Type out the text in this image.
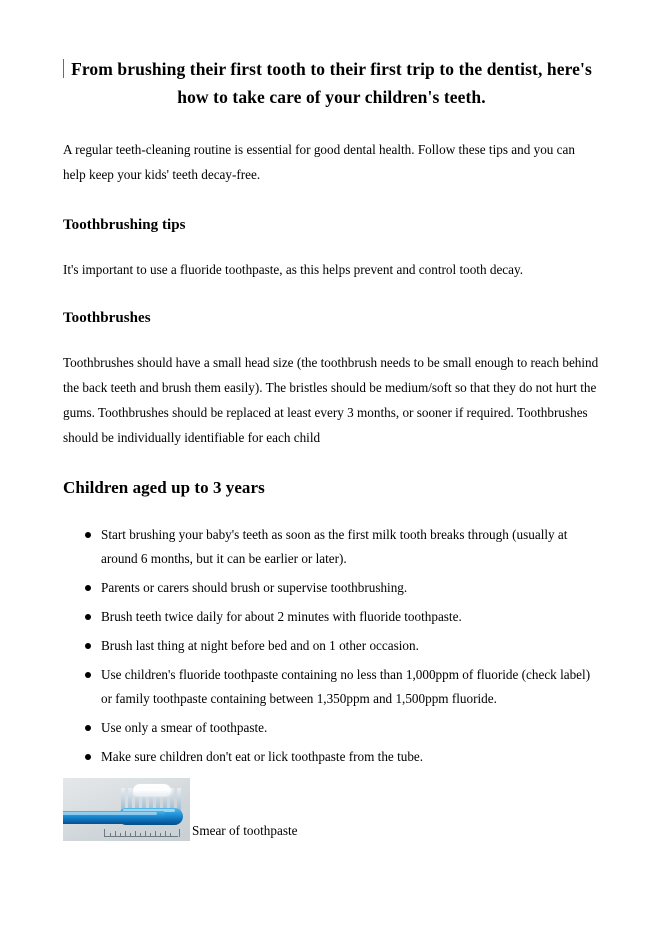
From brushing their first tooth to their first trip to the dentist, here's how to take care of your children's teeth.

A regular teeth-cleaning routine is essential for good dental health. Follow these tips and you can help keep your kids' teeth decay-free.

Toothbrushing tips

It's important to use a fluoride toothpaste, as this helps prevent and control tooth decay.

Toothbrushes

Toothbrushes should have a small head size (the toothbrush needs to be small enough to reach behind the back teeth and brush them easily). The bristles should be medium/soft so that they do not hurt the gums. Toothbrushes should be replaced at least every 3 months, or sooner if required. Toothbrushes should be individually identifiable for each child

Children aged up to 3 years
Start brushing your baby's teeth as soon as the first milk tooth breaks through (usually at around 6 months, but it can be earlier or later).
Parents or carers should brush or supervise toothbrushing.
Brush teeth twice daily for about 2 minutes with fluoride toothpaste.
Brush last thing at night before bed and on 1 other occasion.
Use children's fluoride toothpaste containing no less than 1,000ppm of fluoride (check label) or family toothpaste containing between 1,350ppm and 1,500ppm fluoride.
Use only a smear of toothpaste.
Make sure children don't eat or lick toothpaste from the tube.
Smear of toothpaste
